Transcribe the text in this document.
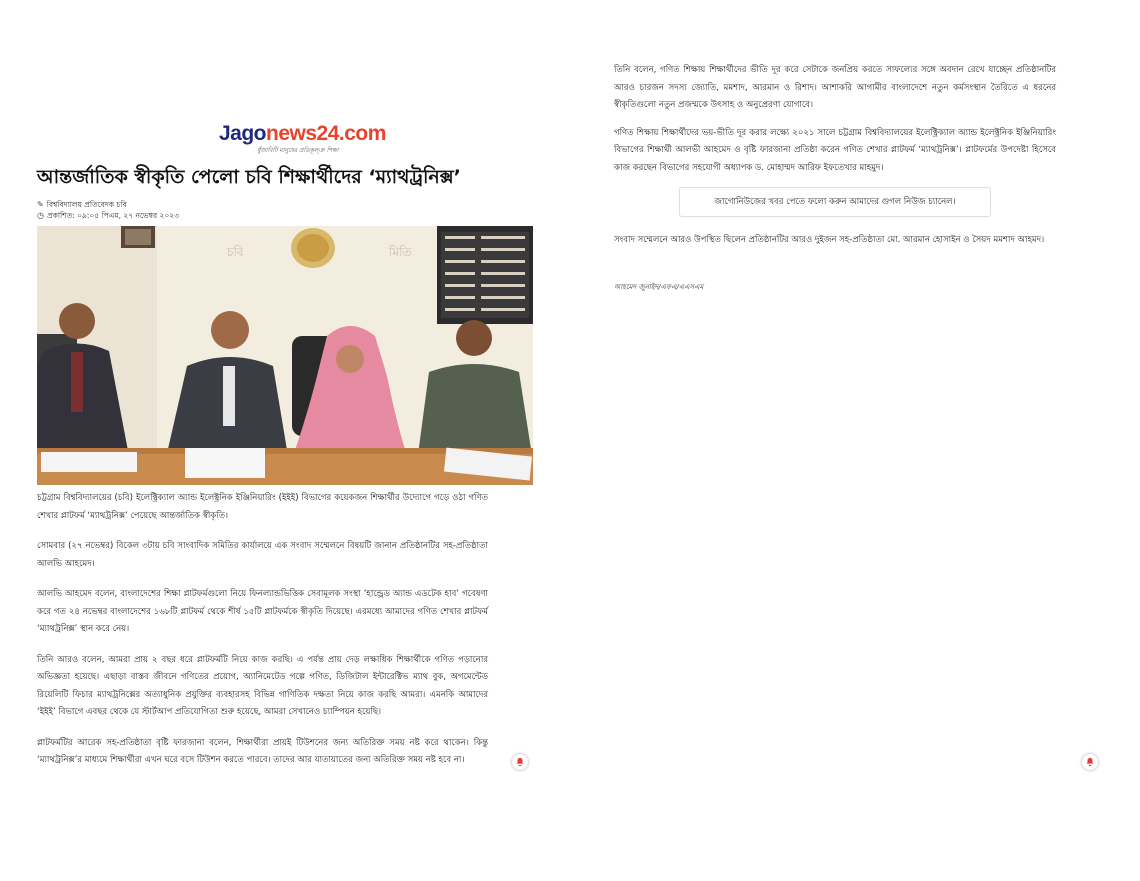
Jagonews24.com
ধুঁজাবিটি মানুষের প্রতিকূল্ঞ শিক্ষা
আন্তর্জাতিক স্বীকৃতি পেলো চবি শিক্ষার্থীদের ‘ম্যাথট্রনিক্স’
✎ বিশ্ববিদ্যালয় প্রতিবেদক চবি
◷ প্রকাশিত: ০৯:০৫ পিএম, ২৭ নভেম্বর ২০২৩
চবি	মিতি

চট্টগ্রাম বিশ্ববিদ্যালয়ের (চবি) ইলেক্ট্রিক্যাল অ্যান্ড ইলেক্ট্রনিক ইঞ্জিনিয়ারিং (ইইই) বিভাগের কয়েকজন শিক্ষার্থীর উদ্যোগে গড়ে ওঠা গণিত শেখার প্লাটফর্ম ‘ম্যাথট্রনিক্স’ পেয়েছে আন্তর্জাতিক স্বীকৃতি।

সোমবার (২৭ নভেম্বর) বিকেল ৩টায় চবি সাংবাদিক সমিতির কার্যালয়ে এক সংবাদ সম্মেলনে বিষয়টি জানান প্রতিষ্ঠানটির সহ-প্রতিষ্ঠাতা আলভি আহমেদ।

আলভি আহমেদ বলেন, বাংলাদেশের শিক্ষা প্লাটফর্মগুলো নিয়ে ফিনল্যান্ডভিত্তিক সেবামূলক সংস্থা ‘হান্ড্রেড অ্যান্ড এডটেক হাব’ গবেষণা করে গত ২৪ নভেম্বর বাংলাদেশের ১৬৮টি প্লাটফর্ম থেকে শীর্ষ ১৫টি প্লাটফর্মকে স্বীকৃতি দিয়েছে। এরমধ্যে আমাদের গণিত শেখার প্লাটফর্ম ‘ম্যাথট্রনিক্স’ স্থান করে নেয়।

তিনি আরও বলেন, আমরা প্রায় ২ বছর ধরে প্লাটফর্মটি নিয়ে কাজ করছি। এ পর্যন্ত প্রায় দেড় লক্ষাধিক শিক্ষার্থীকে গণিত পড়ানোর অভিজ্ঞতা হয়েছে। এছাড়া বাস্তব জীবনে গণিতের প্রয়োগ, অ্যানিমেটেড গল্পে গণিত, ডিজিটাল ইন্টারেক্টিভ ম্যাথ বুক, অগমেন্টেড রিয়েলিটি ফিচার ম্যাথট্রনিক্সের অত্যাধুনিক প্রযুক্তির ব্যবহারসহ বিভিন্ন গাণিতিক দক্ষতা নিয়ে কাজ করছি আমরা। এমনকি আমাদের ‘ইইই’ বিভাগে এবছর থেকে যে স্টার্টআপ প্রতিযোগিতা শুরু হয়েছে, আমরা সেখানেও চ্যাম্পিয়ন হয়েছি।

প্লাটফর্মটির আরেক সহ-প্রতিষ্ঠাতা বৃষ্টি ফারজানা বলেন, শিক্ষার্থীরা প্রায়ই টিউশনের জন্য অতিরিক্ত সময় নষ্ট করে থাকেন। কিন্তু ‘ম্যাথট্রনিক্স’র মাধ্যমে শিক্ষার্থীরা এখন ঘরে বসে টিউশন করতে পারবে। তাদের আর যাতায়াতের জন্য অতিরিক্ত সময় নষ্ট হবে না।

তিনি বলেন, গণিত শিক্ষায় শিক্ষার্থীদের ভীতি দূর করে সেটাকে জনপ্রিয় করতে সাফল্যের সঙ্গে অবদান রেখে যাচ্ছেন প্রতিষ্ঠানটির আরও চারজন সদস্য জ্যোতি, মমশাদ, আরমান ও রিশাদ। আশাকরি আগামীর বাংলাদেশে নতুন কর্মসংস্থান তৈরিতে এ ধরনের স্বীকৃতিগুলো নতুন প্রজন্মকে উৎসাহ ও অনুপ্রেরণা যোগাবে।

গণিত শিক্ষায় শিক্ষার্থীদের ভয়-ভীতি দূর করার লক্ষ্যে ২০২১ সালে চট্টগ্রাম বিশ্ববিদ্যালয়ের ইলেক্ট্রিক্যাল অ্যান্ড ইলেক্ট্রনিক ইঞ্জিনিয়ারিং বিভাগের শিক্ষার্থী আলভী আহমেদ ও বৃষ্টি ফারজানা প্রতিষ্ঠা করেন গণিত শেখার প্লাটফর্ম ‘ম্যাথট্রনিক্স’। প্লাটফর্মের উপদেষ্টা হিসেবে কাজ করছেন বিভাগের সহযোগী অধ্যাপক ড. মোহাম্মদ আরিফ ইফতেখার মাহমুদ।

জাগোনিউজের খবর পেতে ফলো করুন আমাদের গুগল নিউজ চ্যানেল।

সংবাদ সম্মেলনে আরও উপস্থিত ছিলেন প্রতিষ্ঠানটির আরও দুইজন সহ-প্রতিষ্ঠাতা মো. আরমান হোসাইন ও সৈয়দ মমশাদ আহমদ।

আহমেদ জুনাইদ/এফএ/এএসএম
